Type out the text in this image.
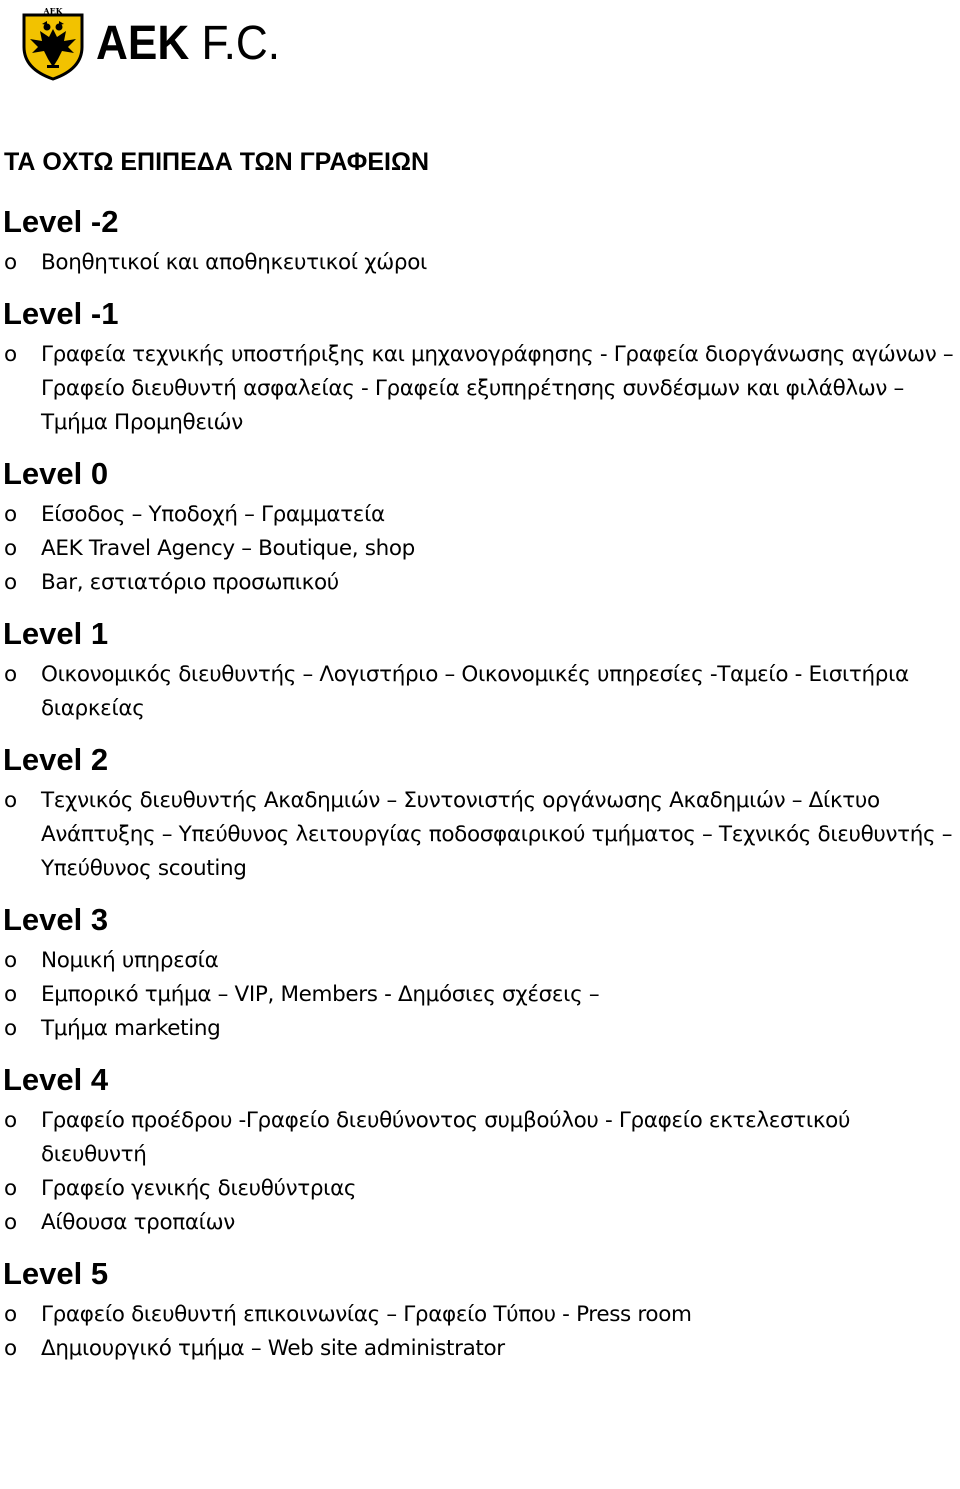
ΑΕΚ
AEK F.C.
ΤΑ ΟΧΤΩ ΕΠΙΠΕΔΑ ΤΩΝ ΓΡΑΦΕΙΩΝ
Level -2
o Βοηθητικοί και αποθηκευτικοί χώροι
Level -1
o Γραφεία τεχνικής υποστήριξης και μηχανογράφησης - Γραφεία διοργάνωσης αγώνων – Γραφείο διευθυντή ασφαλείας - Γραφεία εξυπηρέτησης συνδέσμων και φιλάθλων – Τμήμα Προμηθειών
Level 0
o Είσοδος – Υποδοχή – Γραμματεία
o AEK Travel Agency – Boutique, shop
o Bar, εστιατόριο προσωπικού
Level 1
o Οικονομικός διευθυντής – Λογιστήριο – Οικονομικές υπηρεσίες -Ταμείο - Εισιτήρια διαρκείας
Level 2
o Τεχνικός διευθυντής Ακαδημιών – Συντονιστής οργάνωσης Ακαδημιών – Δίκτυο Ανάπτυξης – Υπεύθυνος λειτουργίας ποδοσφαιρικού τμήματος – Τεχνικός διευθυντής – Υπεύθυνος scouting
Level 3
o Νομική υπηρεσία
o Εμπορικό τμήμα – VIP, Members - Δημόσιες σχέσεις –
o Τμήμα marketing
Level 4
o Γραφείο προέδρου -Γραφείο διευθύνοντος συμβούλου - Γραφείο εκτελεστικού διευθυντή
o Γραφείο γενικής διευθύντριας
o Αίθουσα τροπαίων
Level 5
o Γραφείο διευθυντή επικοινωνίας – Γραφείο Τύπου - Press room
o Δημιουργικό τμήμα – Web site administrator
